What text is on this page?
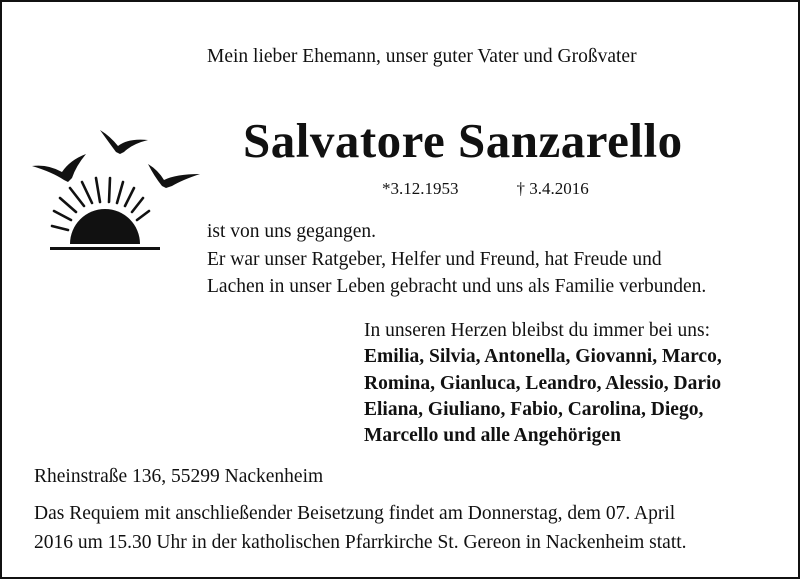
Mein lieber Ehemann, unser guter Vater und Großvater
Salvatore Sanzarello
*3.12.1953	† 3.4.2016
ist von uns gegangen.
Er war unser Ratgeber, Helfer und Freund, hat Freude und
Lachen in unser Leben gebracht und uns als Familie verbunden.
In unseren Herzen bleibst du immer bei uns:
Emilia, Silvia, Antonella, Giovanni, Marco,
Romina, Gianluca, Leandro, Alessio, Dario
Eliana, Giuliano, Fabio, Carolina, Diego,
Marcello und alle Angehörigen
Rheinstraße 136, 55299 Nackenheim
Das Requiem mit anschließender Beisetzung findet am Donnerstag, dem 07. April
2016 um 15.30 Uhr in der katholischen Pfarrkirche St. Gereon in Nackenheim statt.
